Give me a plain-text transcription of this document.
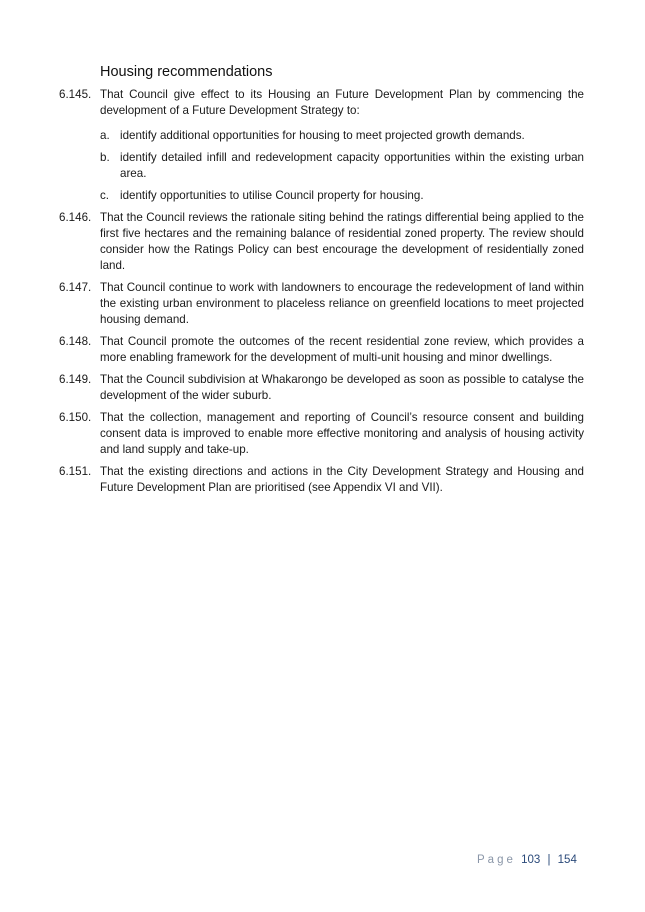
Housing recommendations
6.145. That Council give effect to its Housing an Future Development Plan by commencing the development of a Future Development Strategy to:
a. identify additional opportunities for housing to meet projected growth demands.
b. identify detailed infill and redevelopment capacity opportunities within the existing urban area.
c. identify opportunities to utilise Council property for housing.
6.146. That the Council reviews the rationale siting behind the ratings differential being applied to the first five hectares and the remaining balance of residential zoned property. The review should consider how the Ratings Policy can best encourage the development of residentially zoned land.
6.147. That Council continue to work with landowners to encourage the redevelopment of land within the existing urban environment to placeless reliance on greenfield locations to meet projected housing demand.
6.148. That Council promote the outcomes of the recent residential zone review, which provides a more enabling framework for the development of multi-unit housing and minor dwellings.
6.149. That the Council subdivision at Whakarongo be developed as soon as possible to catalyse the development of the wider suburb.
6.150. That the collection, management and reporting of Council’s resource consent and building consent data is improved to enable more effective monitoring and analysis of housing activity and land supply and take-up.
6.151. That the existing directions and actions in the City Development Strategy and Housing and Future Development Plan are prioritised (see Appendix VI and VII).
Page 103 | 154
